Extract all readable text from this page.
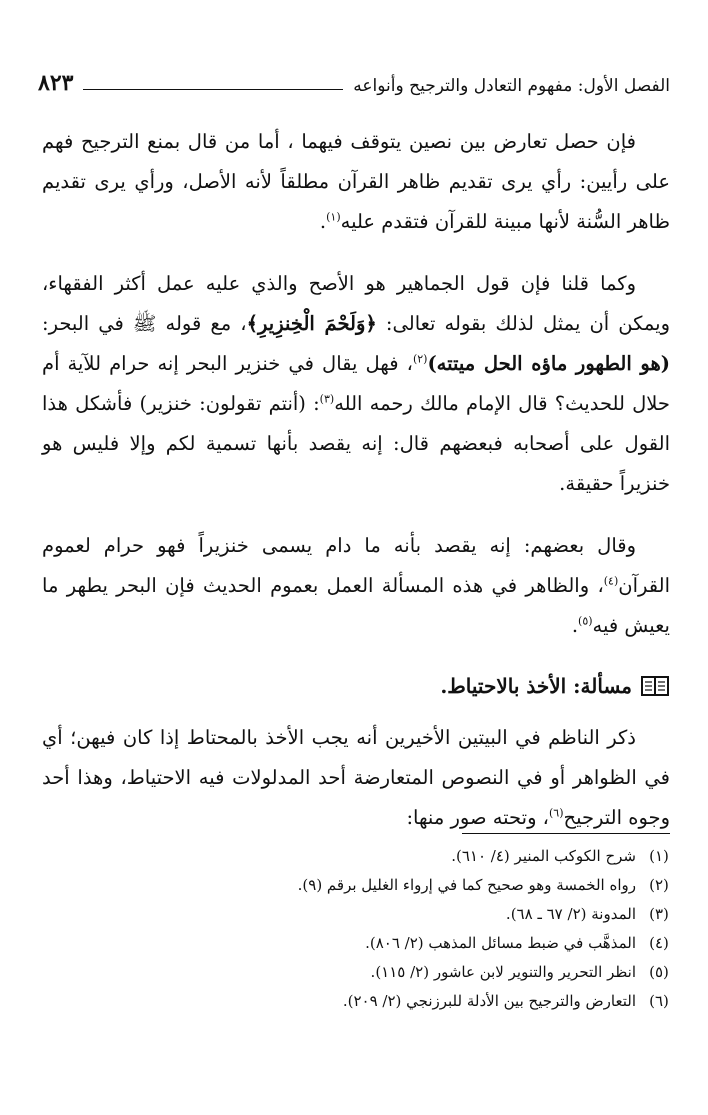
الفصل الأول: مفهوم التعادل والترجيح وأنواعه
٨٢٣

فإن حصل تعارض بين نصين يتوقف فيهما ، أما من قال بمنع الترجيح فهم على رأيين: رأي يرى تقديم ظاهر القرآن مطلقاً لأنه الأصل، ورأي يرى تقديم ظاهر السُّنة لأنها مبينة للقرآن فتقدم عليه$^{(١)}$.

وكما قلنا فإن قول الجماهير هو الأصح والذي عليه عمل أكثر الفقهاء، ويمكن أن يمثل لذلك بقوله تعالى: ﴿وَلَحْمَ الْخِنزِيرِ﴾، مع قوله ﷺ في البحر: (هو الطهور ماؤه الحل ميتته)$^{(٢)}$، فهل يقال في خنزير البحر إنه حرام للآية أم حلال للحديث؟ قال الإمام مالك رحمه الله$^{(٣)}$: (أنتم تقولون: خنزير) فأشكل هذا القول على أصحابه فبعضهم قال: إنه يقصد بأنها تسمية لكم وإلا فليس هو خنزيراً حقيقة.

وقال بعضهم: إنه يقصد بأنه ما دام يسمى خنزيراً فهو حرام لعموم القرآن$^{(٤)}$، والظاهر في هذه المسألة العمل بعموم الحديث فإن البحر يطهر ما يعيش فيه$^{(٥)}$.

مسألة: الأخذ بالاحتياط.

ذكر الناظم في البيتين الأخيرين أنه يجب الأخذ بالمحتاط إذا كان فيهن؛ أي في الظواهر أو في النصوص المتعارضة أحد المدلولات فيه الاحتياط، وهذا أحد وجوه الترجيح$^{(٦)}$، وتحته صور منها:

(١)
شرح الكوكب المنير (٤/ ٦١٠).
(٢)
رواه الخمسة وهو صحيح كما في إرواء الغليل برقم (٩).
(٣)
المدونة (٢/ ٦٧ ـ ٦٨).
(٤)
المذهَّب في ضبط مسائل المذهب (٢/ ٨٠٦).
(٥)
انظر التحرير والتنوير لابن عاشور (٢/ ١١٥).
(٦)
التعارض والترجيح بين الأدلة للبرزنجي (٢/ ٢٠٩).
